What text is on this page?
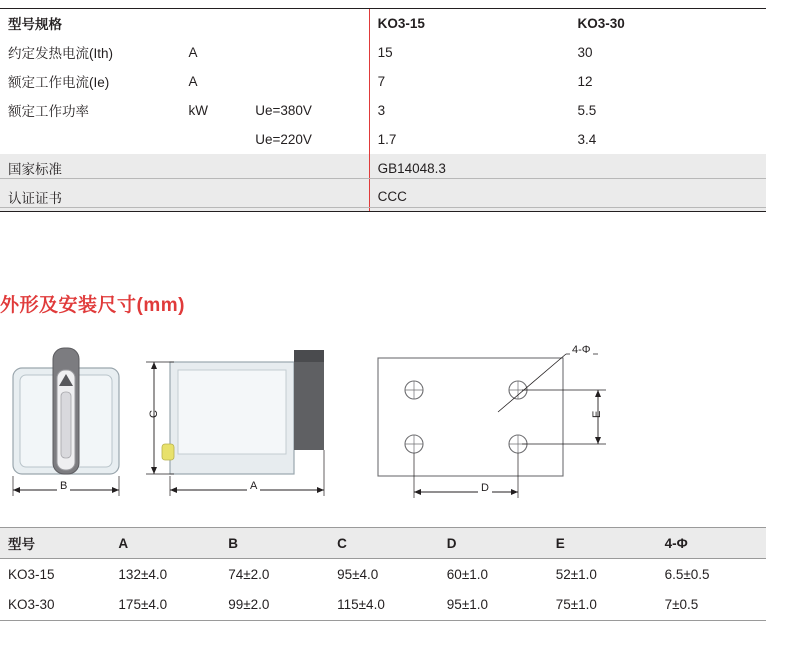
型号规格			KO3-15	KO3-30
约定发热电流(Ith)	A		15	30
额定工作电流(Ie)	A		7	12
额定工作功率	kW	Ue=380V	3	5.5
		Ue=220V	1.7	3.4
国家标准			GB14048.3	
认证证书			CCC	
外形及安装尺寸(mm)
B
C
A
4-Φ
E
D
型号	A	B	C	D	E	4-Φ
KO3-15	132±4.0	74±2.0	95±4.0	60±1.0	52±1.0	6.5±0.5
KO3-30	175±4.0	99±2.0	115±4.0	95±1.0	75±1.0	7±0.5
